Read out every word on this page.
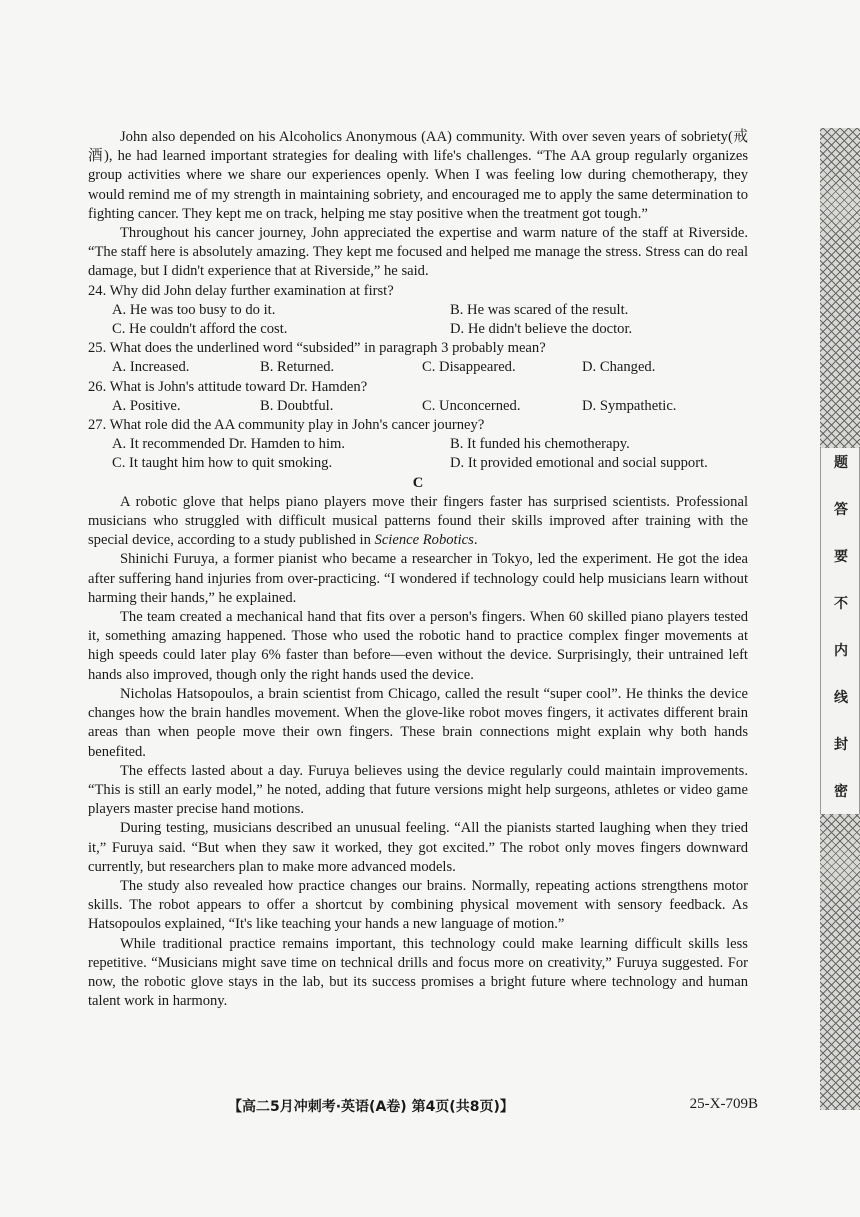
John also depended on his Alcoholics Anonymous (AA) community. With over seven years of sobriety(戒酒), he had learned important strategies for dealing with life's challenges. “The AA group regularly organizes group activities where we share our experiences openly. When I was feeling low during chemotherapy, they would remind me of my strength in maintaining sobriety, and encouraged me to apply the same determination to fighting cancer. They kept me on track, helping me stay positive when the treatment got tough.”

Throughout his cancer journey, John appreciated the expertise and warm nature of the staff at Riverside. “The staff here is absolutely amazing. They kept me focused and helped me manage the stress. Stress can do real damage, but I didn't experience that at Riverside,” he said.

24. Why did John delay further examination at first?

A. He was too busy to do it.	B. He was scared of the result.
C. He couldn't afford the cost.	D. He didn't believe the doctor.

25. What does the underlined word “subsided” in paragraph 3 probably mean?

A. Increased.	B. Returned.	C. Disappeared.	D. Changed.

26. What is John's attitude toward Dr. Hamden?

A. Positive.	B. Doubtful.	C. Unconcerned.	D. Sympathetic.

27. What role did the AA community play in John's cancer journey?

A. It recommended Dr. Hamden to him.	B. It funded his chemotherapy.
C. It taught him how to quit smoking.	D. It provided emotional and social support.

C

A robotic glove that helps piano players move their fingers faster has surprised scientists. Professional musicians who struggled with difficult musical patterns found their skills improved after training with the special device, according to a study published in Science Robotics.

Shinichi Furuya, a former pianist who became a researcher in Tokyo, led the experiment. He got the idea after suffering hand injuries from over-practicing. “I wondered if technology could help musicians learn without harming their hands,” he explained.

The team created a mechanical hand that fits over a person's fingers. When 60 skilled piano players tested it, something amazing happened. Those who used the robotic hand to practice complex finger movements at high speeds could later play 6% faster than before—even without the device. Surprisingly, their untrained left hands also improved, though only the right hands used the device.

Nicholas Hatsopoulos, a brain scientist from Chicago, called the result “super cool”. He thinks the device changes how the brain handles movement. When the glove-like robot moves fingers, it activates different brain areas than when people move their own fingers. These brain connections might explain why both hands benefited.

The effects lasted about a day. Furuya believes using the device regularly could maintain improvements. “This is still an early model,” he noted, adding that future versions might help surgeons, athletes or video game players master precise hand motions.

During testing, musicians described an unusual feeling. “All the pianists started laughing when they tried it,” Furuya said. “But when they saw it worked, they got excited.” The robot only moves fingers downward currently, but researchers plan to make more advanced models.

The study also revealed how practice changes our brains. Normally, repeating actions strengthens motor skills. The robot appears to offer a shortcut by combining physical movement with sensory feedback. As Hatsopoulos explained, “It's like teaching your hands a new language of motion.”

While traditional practice remains important, this technology could make learning difficult skills less repetitive. “Musicians might save time on technical drills and focus more on creativity,” Furuya suggested. For now, the robotic glove stays in the lab, but its success promises a bright future where technology and human talent work in harmony.

【高二5月冲刺考·英语(A卷) 第4页(共8页)】	25-X-709B
题
答
要
不
内
线
封
密
